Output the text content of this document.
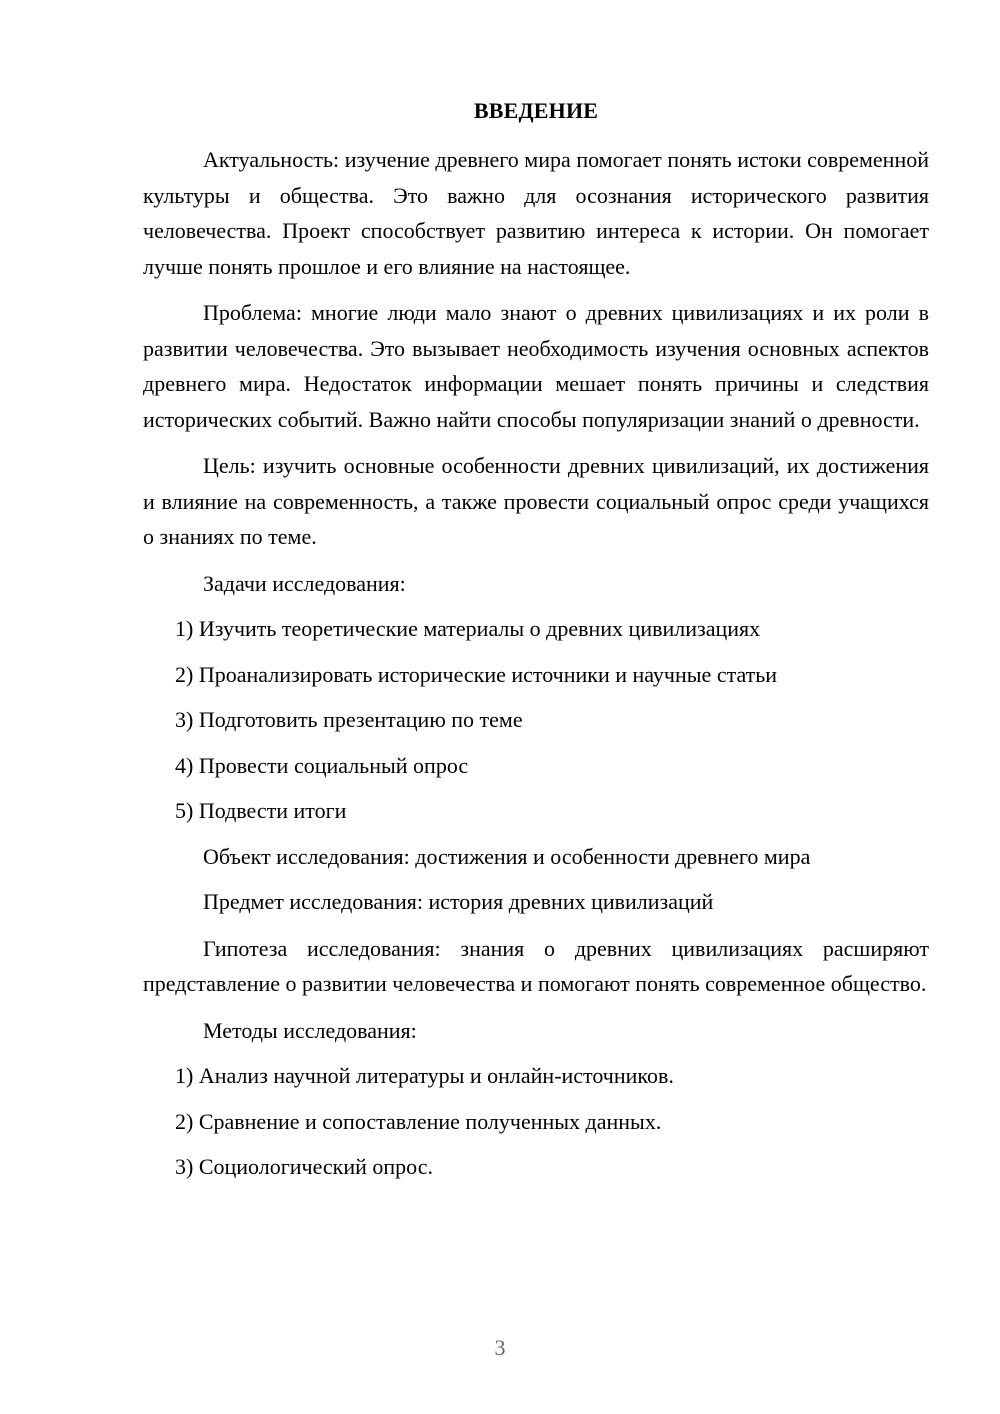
ВВЕДЕНИЕ

Актуальность: изучение древнего мира помогает понять истоки современной культуры и общества. Это важно для осознания исторического развития человечества. Проект способствует развитию интереса к истории. Он помогает лучше понять прошлое и его влияние на настоящее.

Проблема: многие люди мало знают о древних цивилизациях и их роли в развитии человечества. Это вызывает необходимость изучения основных аспектов древнего мира. Недостаток информации мешает понять причины и следствия исторических событий. Важно найти способы популяризации знаний о древности.

Цель: изучить основные особенности древних цивилизаций, их достижения и влияние на современность, а также провести социальный опрос среди учащихся о знаниях по теме.

Задачи исследования:
1) Изучить теоретические материалы о древних цивилизациях
2) Проанализировать исторические источники и научные статьи
3) Подготовить презентацию по теме
4) Провести социальный опрос
5) Подвести итоги
Объект исследования: достижения и особенности древнего мира
Предмет исследования: история древних цивилизаций

Гипотеза исследования: знания о древних цивилизациях расширяют представление о развитии человечества и помогают понять современное общество.

Методы исследования:
1) Анализ научной литературы и онлайн-источников.
2) Сравнение и сопоставление полученных данных.
3) Социологический опрос.
3
